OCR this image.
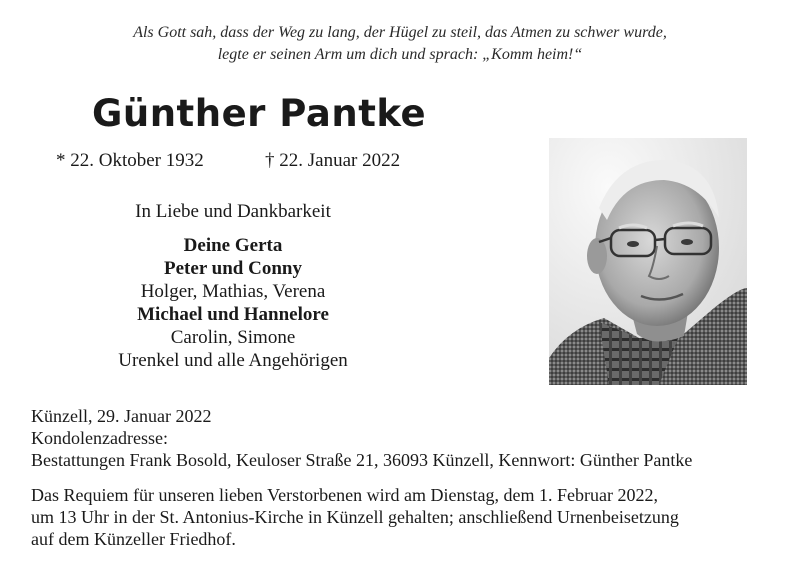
Als Gott sah, dass der Weg zu lang, der Hügel zu steil, das Atmen zu schwer wurde,
legte er seinen Arm um dich und sprach: „Komm heim!“
Günther Pantke
* 22. Oktober 1932	† 22. Januar 2022
In Liebe und Dankbarkeit
Deine Gerta
Peter und Conny
Holger, Mathias, Verena
Michael und Hannelore
Carolin, Simone
Urenkel und alle Angehörigen
Künzell, 29. Januar 2022
Kondolenzadresse:
Bestattungen Frank Bosold, Keuloser Straße 21, 36093 Künzell, Kennwort: Günther Pantke
Das Requiem für unseren lieben Verstorbenen wird am Dienstag, dem 1. Februar 2022,
um 13 Uhr in der St. Antonius-Kirche in Künzell gehalten; anschließend Urnenbeisetzung
auf dem Künzeller Friedhof.
